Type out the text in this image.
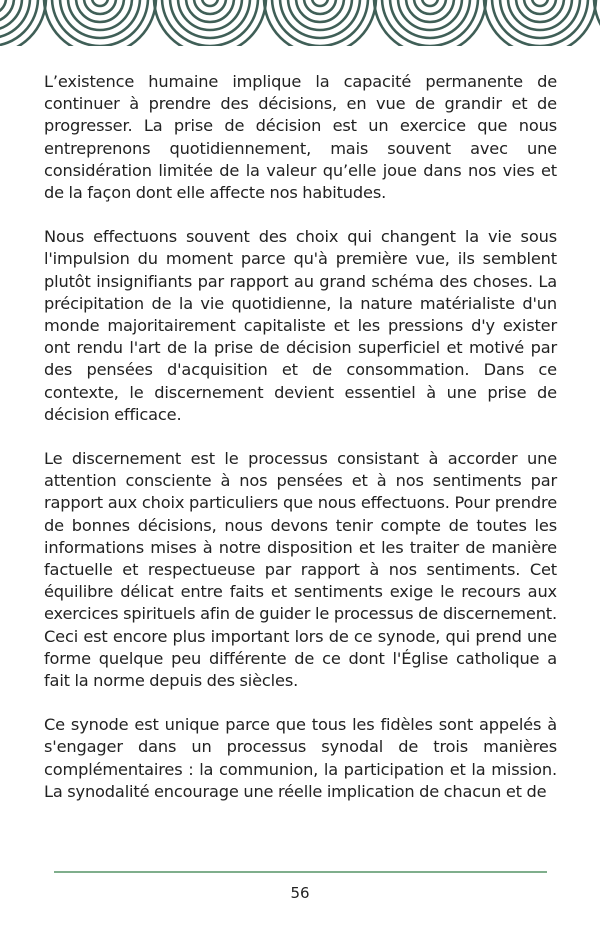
L’existence humaine implique la capacité permanente de continuer à prendre des décisions, en vue de grandir et de progresser. La prise de décision est un exercice que nous entreprenons quotidiennement, mais souvent avec une considération limitée de la valeur qu’elle joue dans nos vies et de la façon dont elle affecte nos habitudes.

Nous effectuons souvent des choix qui changent la vie sous l'impulsion du moment parce qu'à première vue, ils semblent plutôt insignifiants par rapport au grand schéma des choses. La précipitation de la vie quotidienne, la nature matérialiste d'un monde majoritairement capitaliste et les pressions d'y exister ont rendu l'art de la prise de décision superficiel et motivé par des pensées d'acquisition et de consommation. Dans ce contexte, le discernement devient essentiel à une prise de décision efficace.

Le discernement est le processus consistant à accorder une attention consciente à nos pensées et à nos sentiments par rapport aux choix particuliers que nous effectuons. Pour prendre de bonnes décisions, nous devons tenir compte de toutes les informations mises à notre disposition et les traiter de manière factuelle et respectueuse par rapport à nos sentiments. Cet équilibre délicat entre faits et sentiments exige le recours aux exercices spirituels afin de guider le processus de discernement. Ceci est encore plus important lors de ce synode, qui prend une forme quelque peu différente de ce dont l'Église catholique a fait la norme depuis des siècles.

Ce synode est unique parce que tous les fidèles sont appelés à s'engager dans un processus synodal de trois manières complémentaires : la communion, la participation et la mission. La synodalité encourage une réelle implication de chacun et de

56
